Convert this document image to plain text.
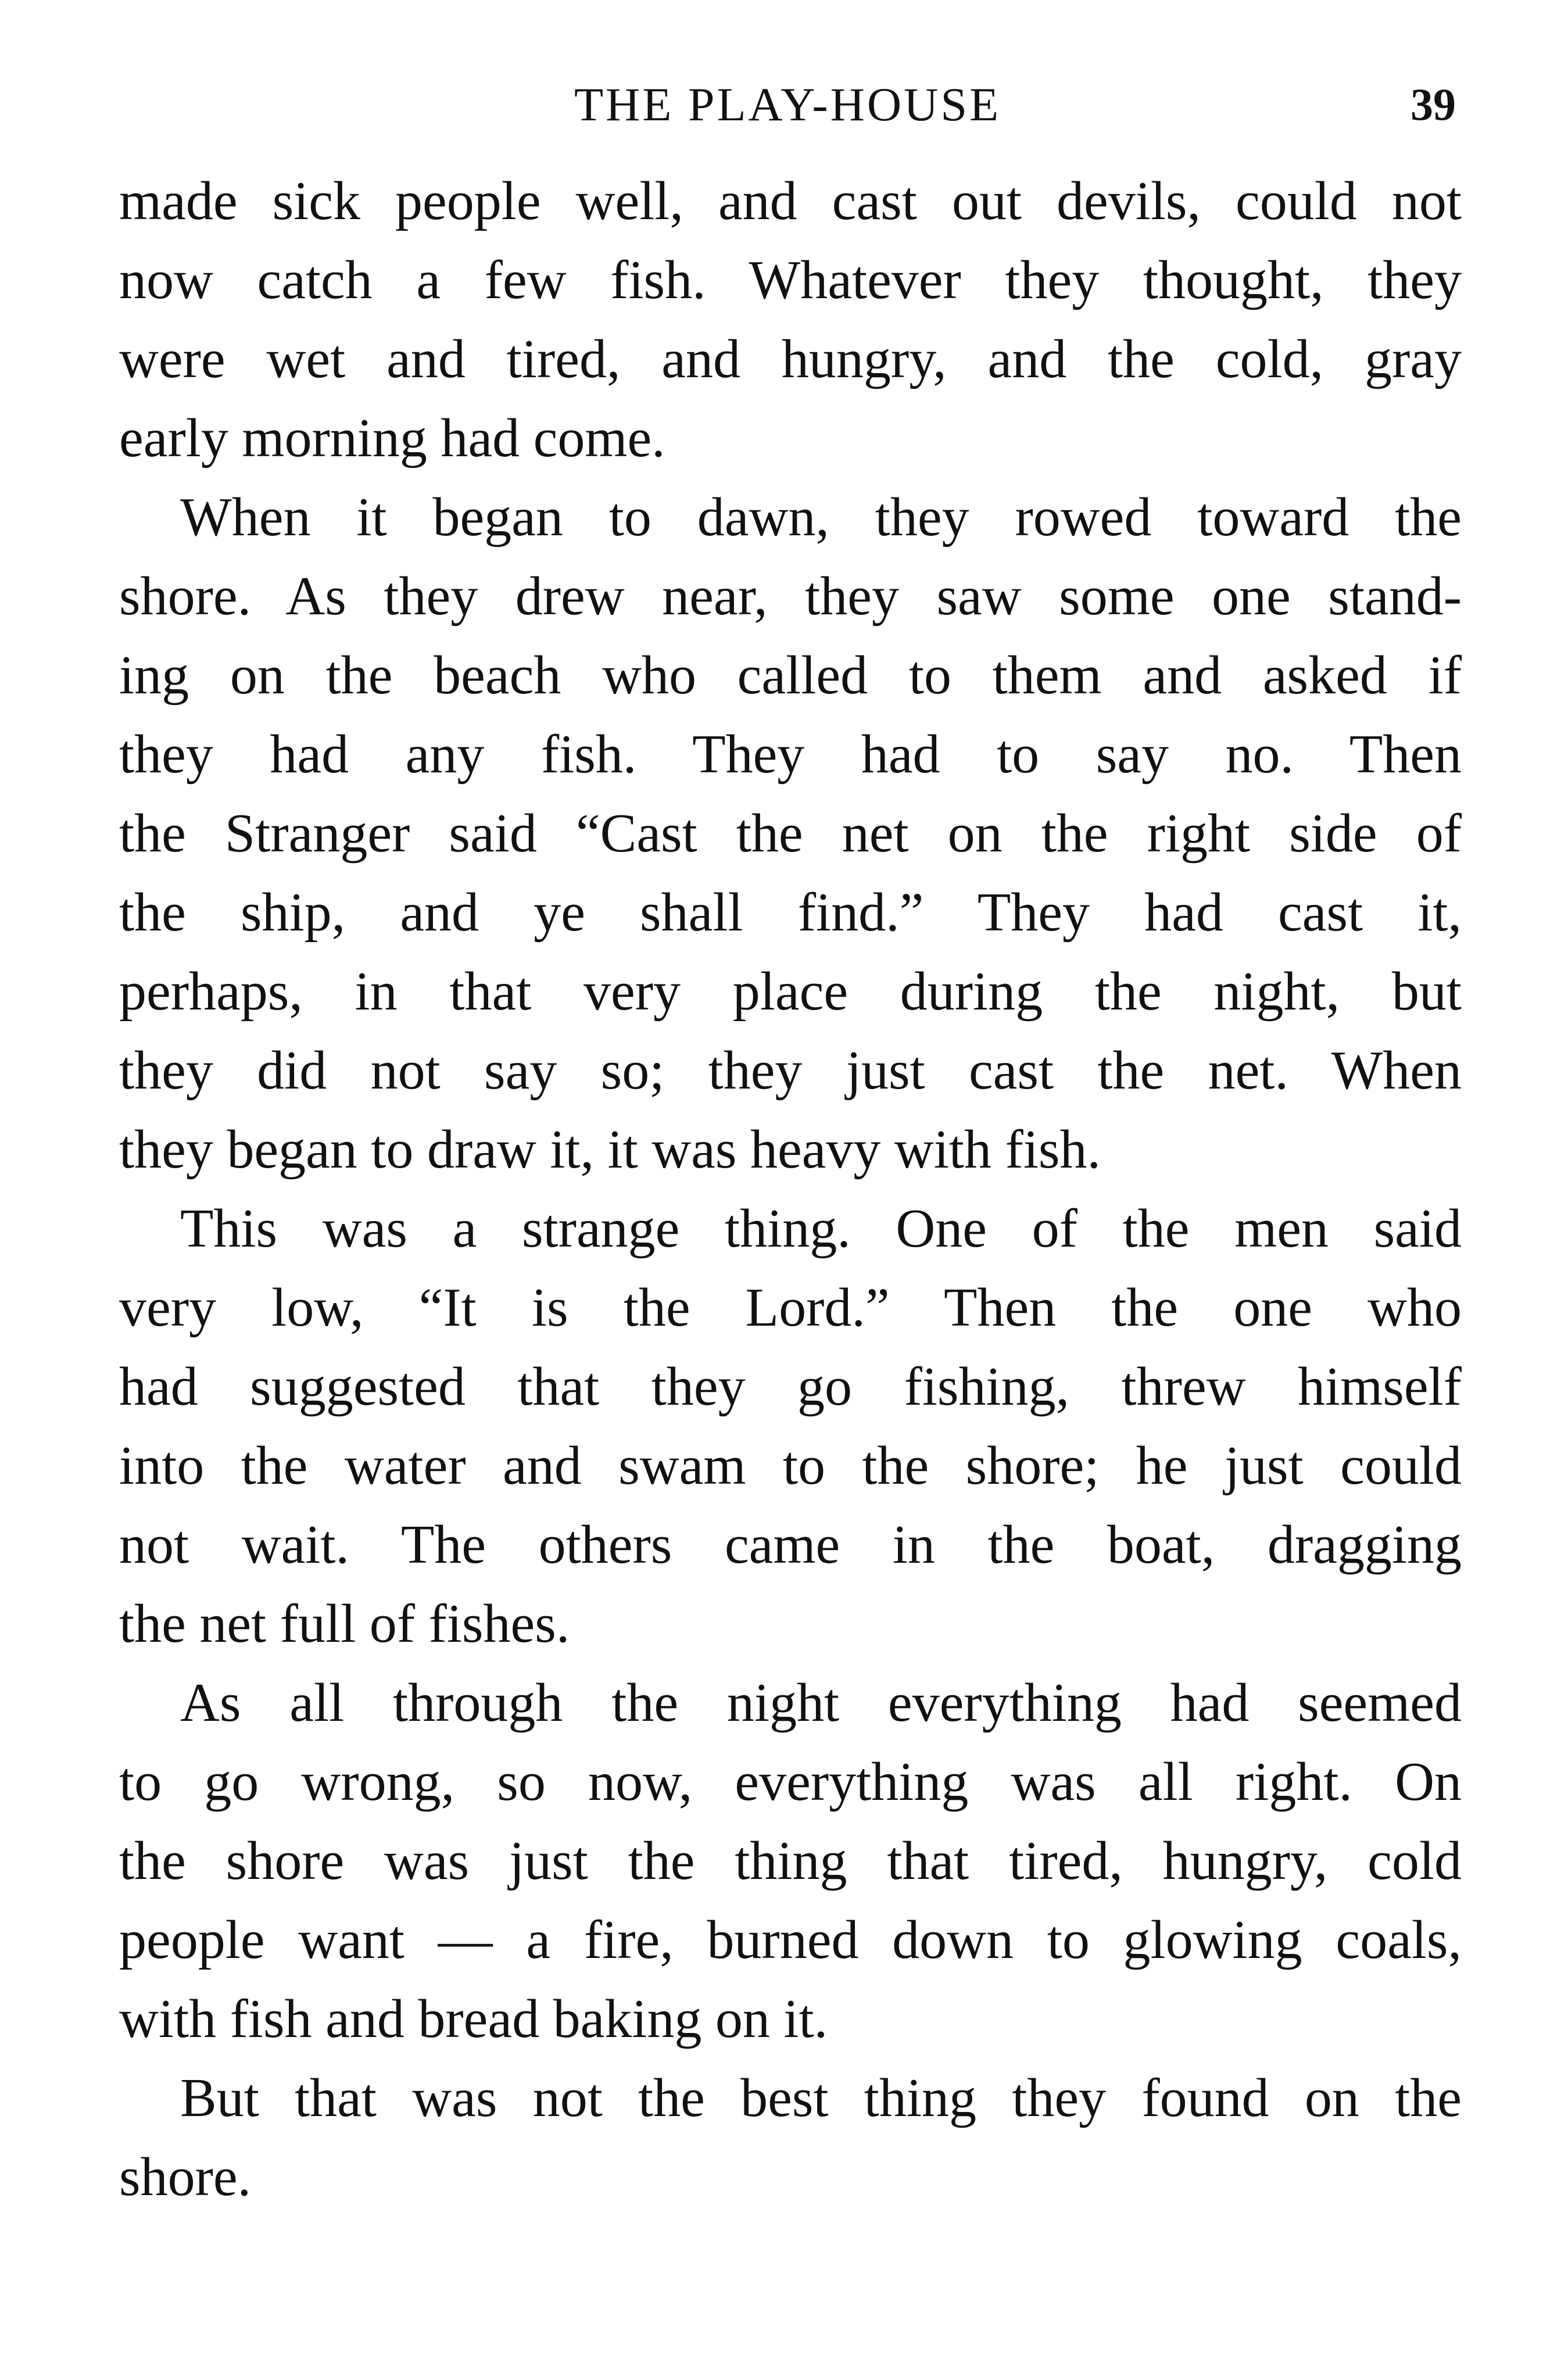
THE PLAY-HOUSE	39
made sick people well, and cast out devils, could not
now catch a few fish. Whatever they thought, they
were wet and tired, and hungry, and the cold, gray
early morning had come.
When it began to dawn, they rowed toward the
shore. As they drew near, they saw some one stand-
ing on the beach who called to them and asked if
they had any fish. They had to say no. Then
the Stranger said “Cast the net on the right side of
the ship, and ye shall find.” They had cast it,
perhaps, in that very place during the night, but
they did not say so; they just cast the net. When
they began to draw it, it was heavy with fish.
This was a strange thing. One of the men said
very low, “It is the Lord.” Then the one who
had suggested that they go fishing, threw himself
into the water and swam to the shore; he just could
not wait. The others came in the boat, dragging
the net full of fishes.
As all through the night everything had seemed
to go wrong, so now, everything was all right. On
the shore was just the thing that tired, hungry, cold
people want — a fire, burned down to glowing coals,
with fish and bread baking on it.
But that was not the best thing they found on the
shore.
